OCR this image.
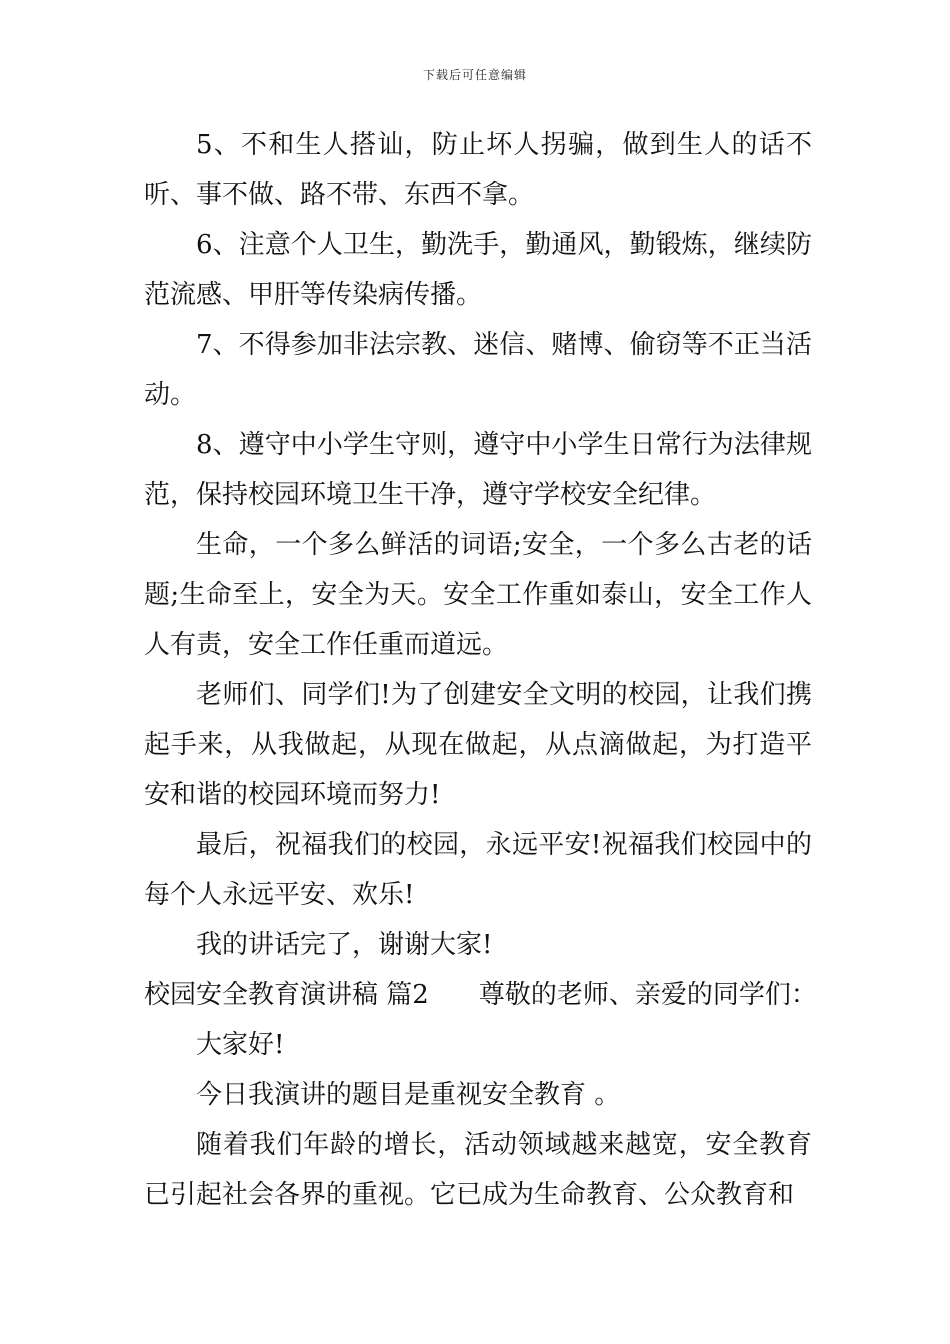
下载后可任意编辑

5、不和生人搭讪，防止坏人拐骗，做到生人的话不听、事不做、路不带、东西不拿。

6、注意个人卫生，勤洗手，勤通风，勤锻炼，继续防范流感、甲肝等传染病传播。

7、不得参加非法宗教、迷信、赌博、偷窃等不正当活动。

8、遵守中小学生守则，遵守中小学生日常行为法律规范，保持校园环境卫生干净，遵守学校安全纪律。

生命，一个多么鲜活的词语;安全，一个多么古老的话题;生命至上，安全为天。安全工作重如泰山，安全工作人人有责，安全工作任重而道远。

老师们、同学们!为了创建安全文明的校园，让我们携起手来，从我做起，从现在做起，从点滴做起，为打造平安和谐的校园环境而努力!

最后，祝福我们的校园，永远平安!祝福我们校园中的每个人永远平安、欢乐!

我的讲话完了，谢谢大家!

校园安全教育演讲稿 篇2 尊敬的老师、亲爱的同学们：

大家好!

今日我演讲的题目是重视安全教育 。

随着我们年龄的增长，活动领域越来越宽，安全教育已引起社会各界的重视。它已成为生命教育、公众教育和
